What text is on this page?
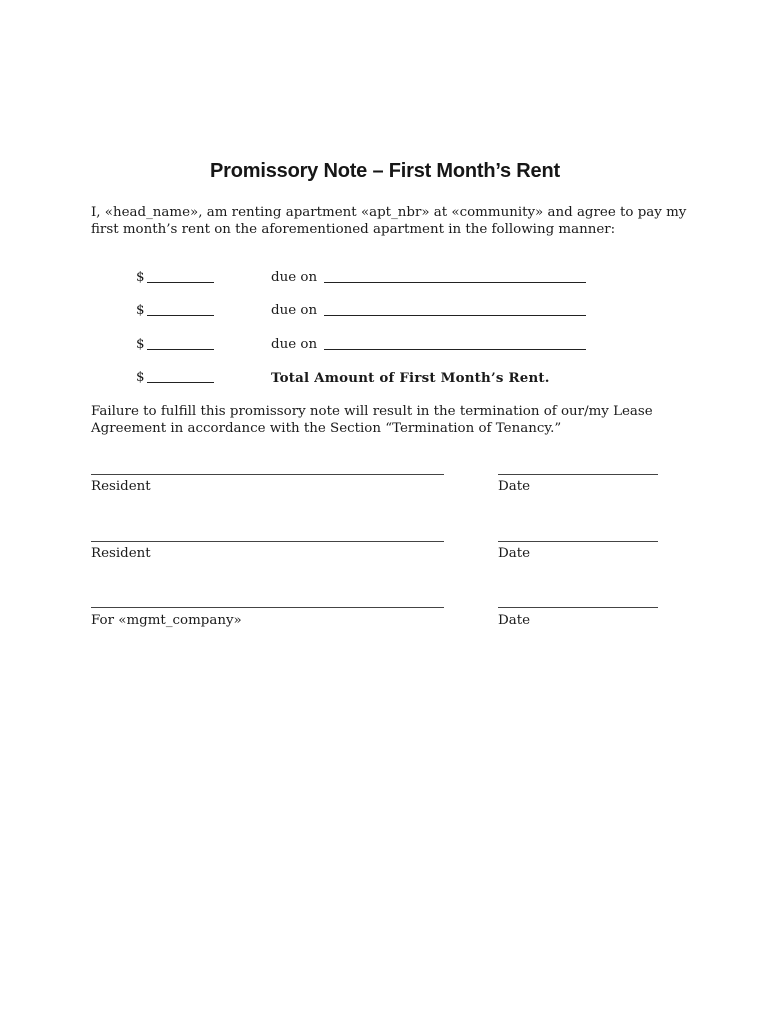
Promissory Note – First Month’s Rent
I, «head_name», am renting apartment «apt_nbr» at «community» and agree to pay my
first month’s rent on the aforementioned apartment in the following manner:
$	due on
$	due on
$	due on
$	Total Amount of First Month’s Rent.
Failure to fulfill this promissory note will result in the termination of our/my Lease
Agreement in accordance with the Section “Termination of Tenancy.”
Resident	Date
Resident	Date
For «mgmt_company»	Date
